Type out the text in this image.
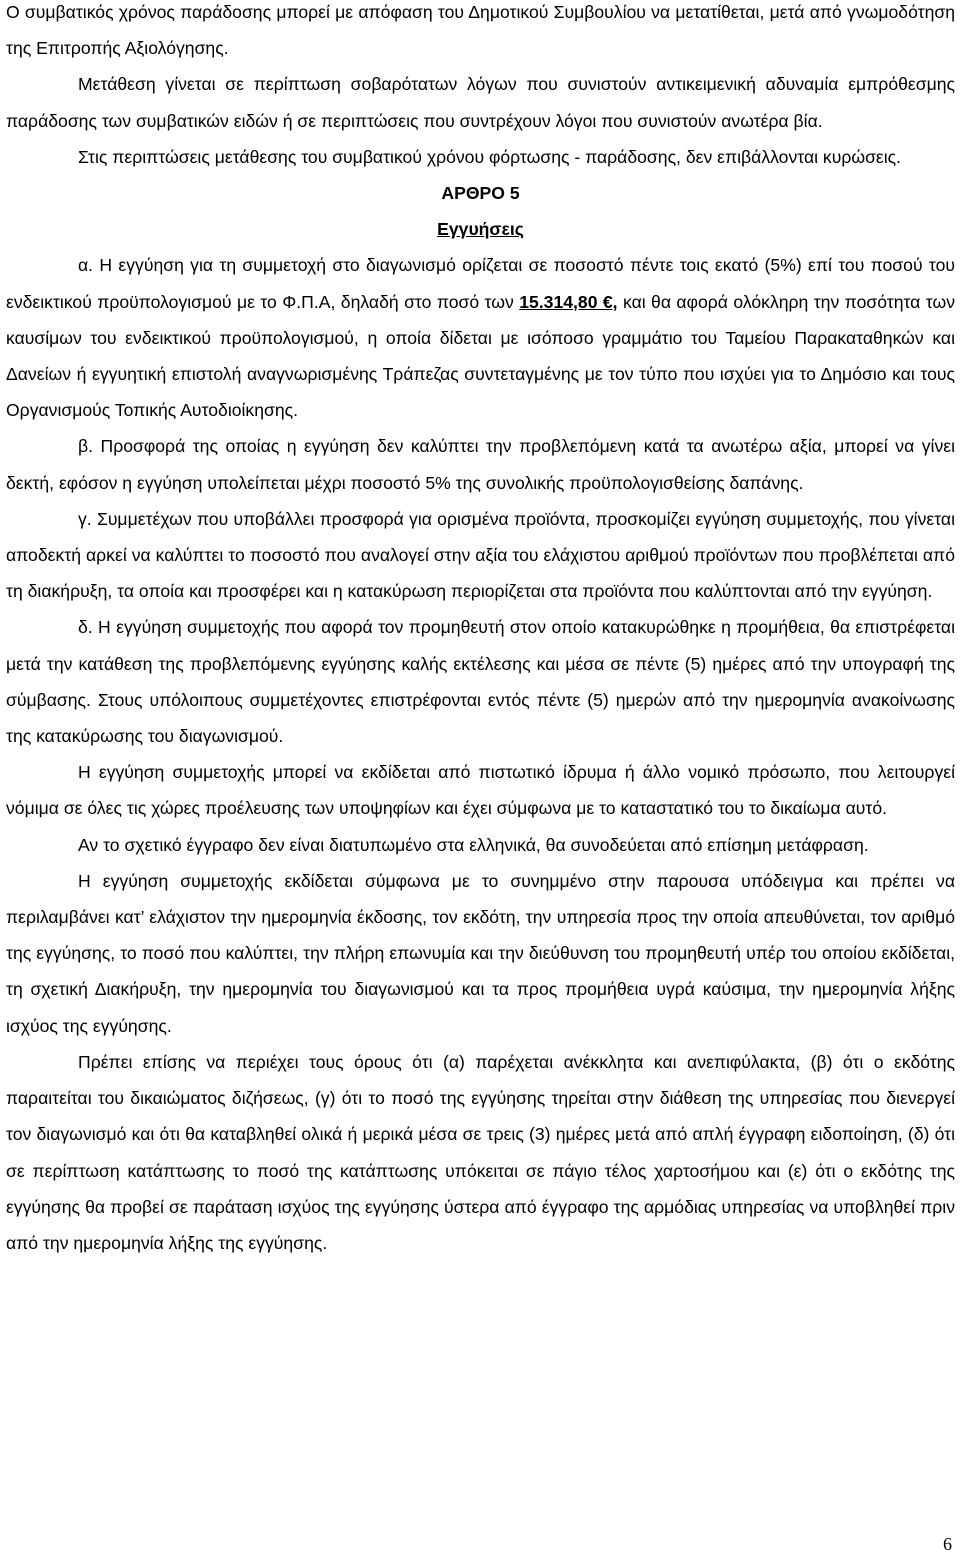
Ο συμβατικός χρόνος παράδοσης μπορεί με απόφαση του Δημοτικού Συμβουλίου να μετατίθεται, μετά από γνωμοδότηση της Επιτροπής Αξιολόγησης.

Μετάθεση γίνεται σε περίπτωση σοβαρότατων λόγων που συνιστούν αντικειμενική αδυναμία εμπρόθεσμης παράδοσης των συμβατικών ειδών ή σε περιπτώσεις που συντρέχουν λόγοι που συνιστούν ανωτέρα βία.

Στις περιπτώσεις μετάθεσης του συμβατικού χρόνου φόρτωσης - παράδοσης, δεν επιβάλλονται κυρώσεις.

ΑΡΘΡΟ 5

Εγγυήσεις

α. Η εγγύηση για τη συμμετοχή στο διαγωνισμό ορίζεται σε ποσοστό πέντε τοις εκατό (5%) επί του ποσού του ενδεικτικού προϋπολογισμού με το Φ.Π.Α, δηλαδή στο ποσό των 15.314,80 €, και θα αφορά ολόκληρη την ποσότητα των καυσίμων του ενδεικτικού προϋπολογισμού, η οποία δίδεται με ισόποσο γραμμάτιο του Ταμείου Παρακαταθηκών και Δανείων ή εγγυητική επιστολή αναγνωρισμένης Τράπεζας συντεταγμένης με τον τύπο που ισχύει για το Δημόσιο και τους Οργανισμούς Τοπικής Αυτοδιοίκησης.

β. Προσφορά της οποίας η εγγύηση δεν καλύπτει την προβλεπόμενη κατά τα ανωτέρω αξία, μπορεί να γίνει δεκτή, εφόσον η εγγύηση υπολείπεται μέχρι ποσοστό 5% της συνολικής προϋπολογισθείσης δαπάνης.

γ. Συμμετέχων που υποβάλλει προσφορά για ορισμένα προϊόντα, προσκομίζει εγγύηση συμμετοχής, που γίνεται αποδεκτή αρκεί να καλύπτει το ποσοστό που αναλογεί στην αξία του ελάχιστου αριθμού προϊόντων που προβλέπεται από τη διακήρυξη, τα οποία και προσφέρει και η κατακύρωση περιορίζεται στα προϊόντα που καλύπτονται από την εγγύηση.

δ. Η εγγύηση συμμετοχής που αφορά τον προμηθευτή στον οποίο κατακυρώθηκε η προμήθεια, θα επιστρέφεται μετά την κατάθεση της προβλεπόμενης εγγύησης καλής εκτέλεσης και μέσα σε πέντε (5) ημέρες από την υπογραφή της σύμβασης. Στους υπόλοιπους συμμετέχοντες επιστρέφονται εντός πέντε (5) ημερών από την ημερομηνία ανακοίνωσης της κατακύρωσης του διαγωνισμού.

Η εγγύηση συμμετοχής μπορεί να εκδίδεται από πιστωτικό ίδρυμα ή άλλο νομικό πρόσωπο, που λειτουργεί νόμιμα σε όλες τις χώρες προέλευσης των υποψηφίων και έχει σύμφωνα με το καταστατικό του το δικαίωμα αυτό.

Αν το σχετικό έγγραφο δεν είναι διατυπωμένο στα ελληνικά, θα συνοδεύεται από επίσημη μετάφραση.

Η εγγύηση συμμετοχής εκδίδεται σύμφωνα με το συνημμένο στην παρουσα υπόδειγμα και πρέπει να περιλαμβάνει κατ’ ελάχιστον την ημερομηνία έκδοσης, τον εκδότη, την υπηρεσία προς την οποία απευθύνεται, τον αριθμό της εγγύησης, το ποσό που καλύπτει, την πλήρη επωνυμία και την διεύθυνση του προμηθευτή υπέρ του οποίου εκδίδεται, τη σχετική Διακήρυξη, την ημερομηνία του διαγωνισμού και τα προς προμήθεια υγρά καύσιμα, την ημερομηνία λήξης ισχύος της εγγύησης.

Πρέπει επίσης να περιέχει τους όρους ότι (α) παρέχεται ανέκκλητα και ανεπιφύλακτα, (β) ότι ο εκδότης παραιτείται του δικαιώματος διζήσεως, (γ) ότι το ποσό της εγγύησης τηρείται στην διάθεση της υπηρεσίας που διενεργεί τον διαγωνισμό και ότι θα καταβληθεί ολικά ή μερικά μέσα σε τρεις (3) ημέρες μετά από απλή έγγραφη ειδοποίηση, (δ) ότι σε περίπτωση κατάπτωσης το ποσό της κατάπτωσης υπόκειται σε πάγιο τέλος χαρτοσήμου και (ε) ότι ο εκδότης της εγγύησης θα προβεί σε παράταση ισχύος της εγγύησης ύστερα από έγγραφο της αρμόδιας υπηρεσίας να υποβληθεί πριν από την ημερομηνία λήξης της εγγύησης.

6
